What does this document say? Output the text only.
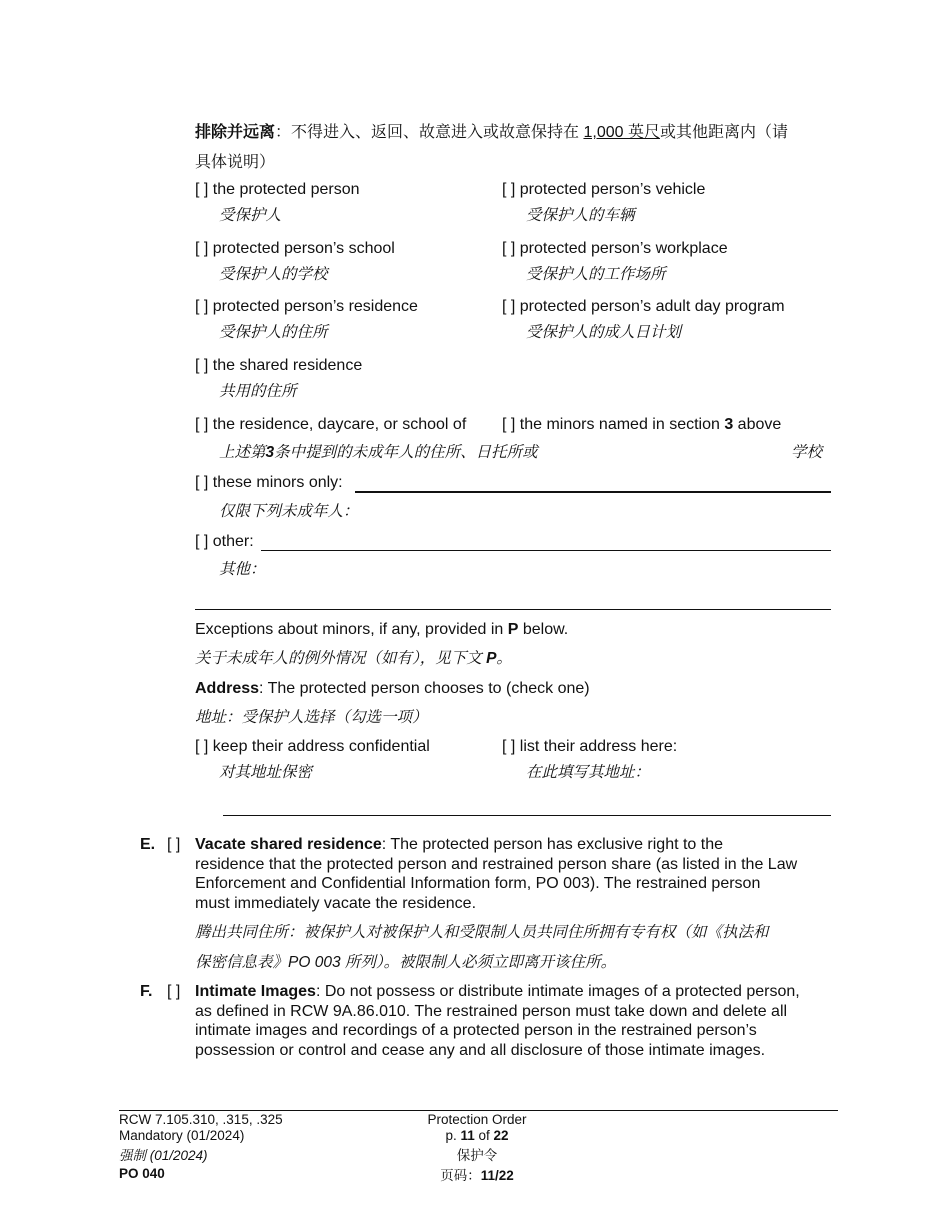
排除并远离：不得进入、返回、故意进入或故意保持在 1,000 英尺或其他距离内（请
具体说明）
[ ] the protected person
受保护人
[ ] protected person’s vehicle
受保护人的车辆
[ ] protected person’s school
受保护人的学校
[ ] protected person’s workplace
受保护人的工作场所
[ ] protected person’s residence
受保护人的住所
[ ] protected person’s adult day program
受保护人的成人日计划
[ ] the shared residence
共用的住所
[ ] the residence, daycare, or school of [ ] the minors named in section 3 above
上述第3条中提到的未成年人的住所、日托所或	学校
[ ] these minors only:
仅限下列未成年人：
[ ] other:
其他：
Exceptions about minors, if any, provided in P below.
关于未成年人的例外情况（如有），见下文 P。
Address: The protected person chooses to (check one)
地址：受保护人选择（勾选一项）
[ ] keep their address confidential
对其地址保密
[ ] list their address here:
在此填写其地址：
E. [ ] Vacate shared residence: The protected person has exclusive right to the
residence that the protected person and restrained person share (as listed in the Law
Enforcement and Confidential Information form, PO 003). The restrained person
must immediately vacate the residence.
腾出共同住所：被保护人对被保护人和受限制人员共同住所拥有专有权（如《执法和
保密信息表》PO 003 所列）。被限制人必须立即离开该住所。
F. [ ] Intimate Images: Do not possess or distribute intimate images of a protected person,
as defined in RCW 9A.86.010. The restrained person must take down and delete all
intimate images and recordings of a protected person in the restrained person’s
possession or control and cease any and all disclosure of those intimate images.
RCW 7.105.310, .315, .325
Mandatory (01/2024)
强制 (01/2024)
PO 040
Protection Order
p. 11 of 22
保护令
页码：11/22
